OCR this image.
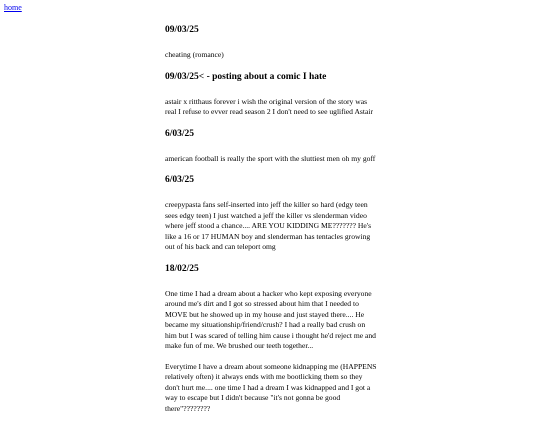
home
09/03/25

cheating (romance)

09/03/25< - posting about a comic I hate

astair x ritthaus forever i wish the original version of the story was real I refuse to evver read season 2 I don't need to see uglified Astair

6/03/25

american football is really the sport with the sluttiest men oh my goff

6/03/25

creepypasta fans self-inserted into jeff the killer so hard (edgy teen sees edgy teen) I just watched a jeff the killer vs slenderman video where jeff stood a chance.... ARE YOU KIDDING ME??????? He's like a 16 or 17 HUMAN boy and slenderman has tentacles growing out of his back and can teleport omg

18/02/25

One time I had a dream about a hacker who kept exposing everyone around me's dirt and I got so stressed about him that I needed to MOVE but he showed up in my house and just stayed there.... He became my situationship/friend/crush? I had a really bad crush on him but I was scared of telling him cause i thought he'd reject me and make fun of me. We brushed our teeth together...

Everytime I have a dream about someone kidnapping me (HAPPENS relatively often) it always ends with me bootlicking them so they don't hurt me.... one time I had a dream I was kidnapped and I got a way to escape but I didn't because "it's not gonna be good there"????????
